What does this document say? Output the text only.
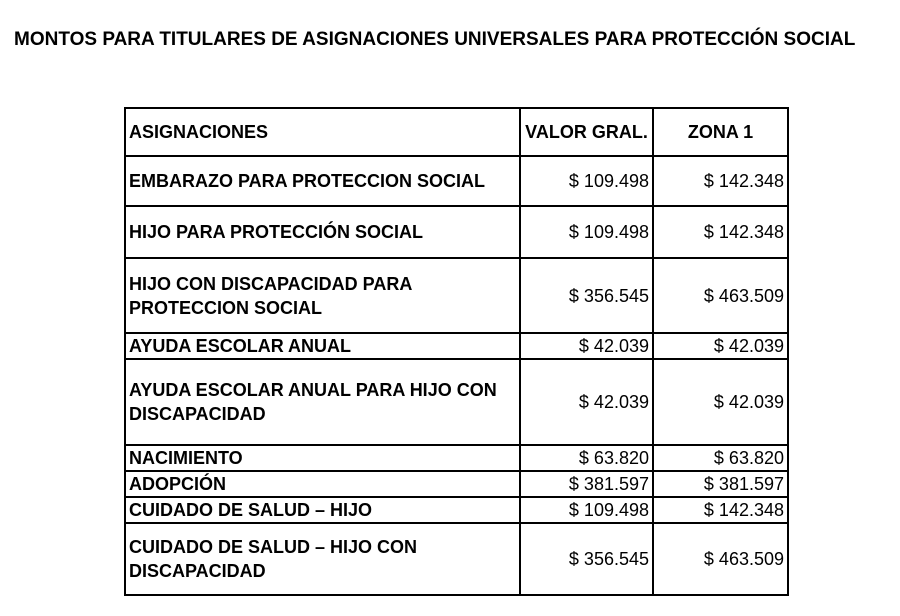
MONTOS PARA TITULARES DE ASIGNACIONES UNIVERSALES PARA PROTECCIÓN SOCIAL
ASIGNACIONES	VALOR GRAL.	ZONA 1
EMBARAZO PARA PROTECCION SOCIAL	$ 109.498	$ 142.348
HIJO PARA PROTECCIÓN SOCIAL	$ 109.498	$ 142.348
HIJO CON DISCAPACIDAD PARA PROTECCION SOCIAL	$ 356.545	$ 463.509
AYUDA ESCOLAR ANUAL	$ 42.039	$ 42.039
AYUDA ESCOLAR ANUAL PARA HIJO CON DISCAPACIDAD	$ 42.039	$ 42.039
NACIMIENTO	$ 63.820	$ 63.820
ADOPCIÓN	$ 381.597	$ 381.597
CUIDADO DE SALUD – HIJO	$ 109.498	$ 142.348
CUIDADO DE SALUD – HIJO CON DISCAPACIDAD	$ 356.545	$ 463.509
